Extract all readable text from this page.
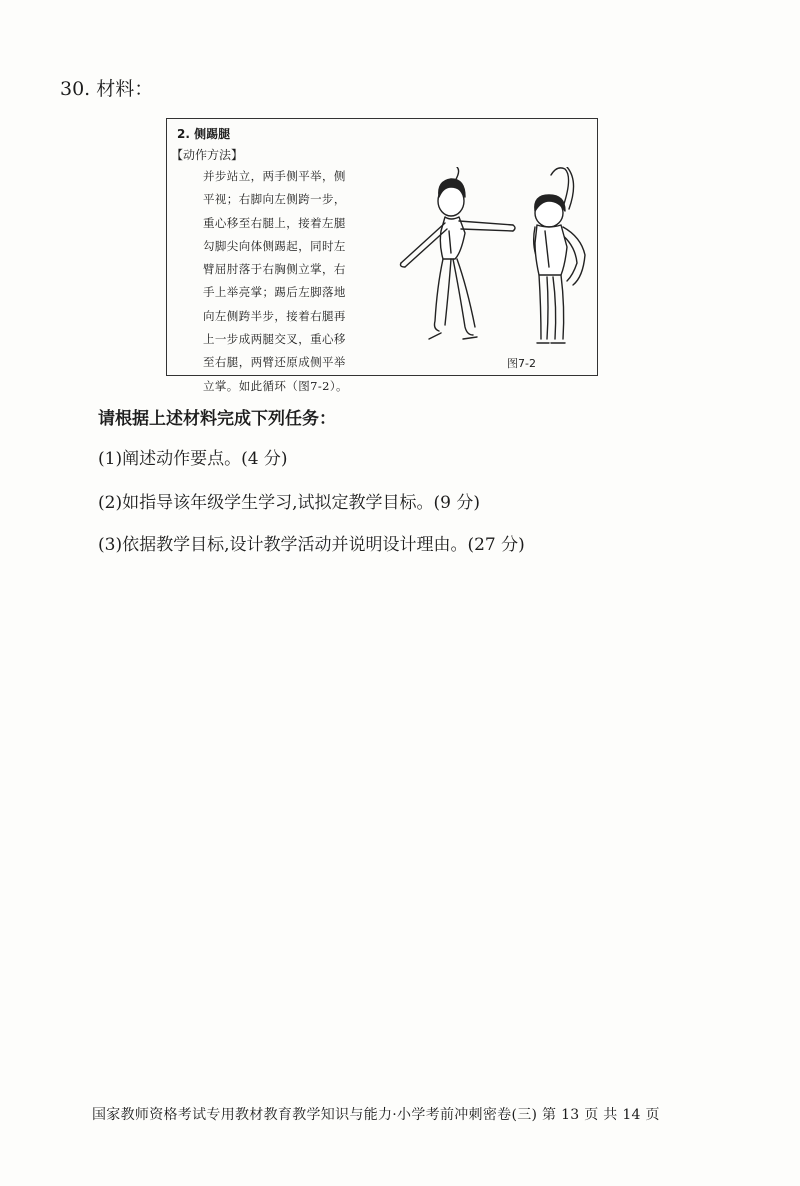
30. 材料：
2. 侧踢腿
【动作方法】
并步站立，两手侧平举，侧
平视；右脚向左侧跨一步，
重心移至右腿上，接着左腿
勾脚尖向体侧踢起，同时左
臂屈肘落于右胸侧立掌，右
手上举亮掌；踢后左脚落地
向左侧跨半步，接着右腿再
上一步成两腿交叉，重心移
至右腿，两臂还原成侧平举
立掌。如此循环（图7-2）。
图7-2
请根据上述材料完成下列任务：
(1)阐述动作要点。(4 分)
(2)如指导该年级学生学习,试拟定教学目标。(9 分)
(3)依据教学目标,设计教学活动并说明设计理由。(27 分)
国家教师资格考试专用教材教育教学知识与能力·小学考前冲刺密卷(三) 第 13 页 共 14 页
